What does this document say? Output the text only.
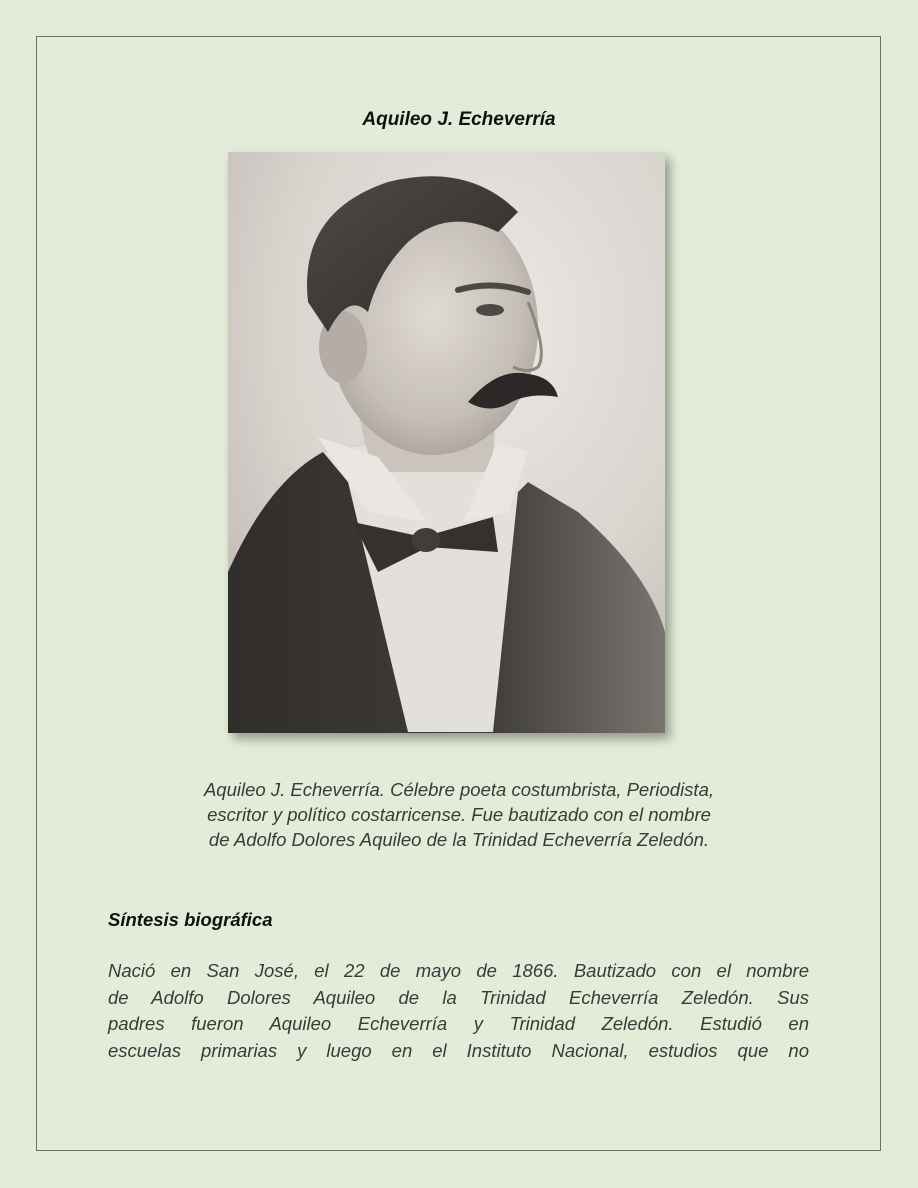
Aquileo J. Echeverría

Aquileo J. Echeverría. Célebre poeta costumbrista, Periodista,
escritor y político costarricense. Fue bautizado con el nombre
de Adolfo Dolores Aquileo de la Trinidad Echeverría Zeledón.

Síntesis biográfica
Nació en San José, el 22 de mayo de 1866. Bautizado con el nombre
de Adolfo Dolores Aquileo de la Trinidad Echeverría Zeledón. Sus
padres fueron Aquileo Echeverría y Trinidad Zeledón. Estudió en
escuelas primarias y luego en el Instituto Nacional, estudios que no
